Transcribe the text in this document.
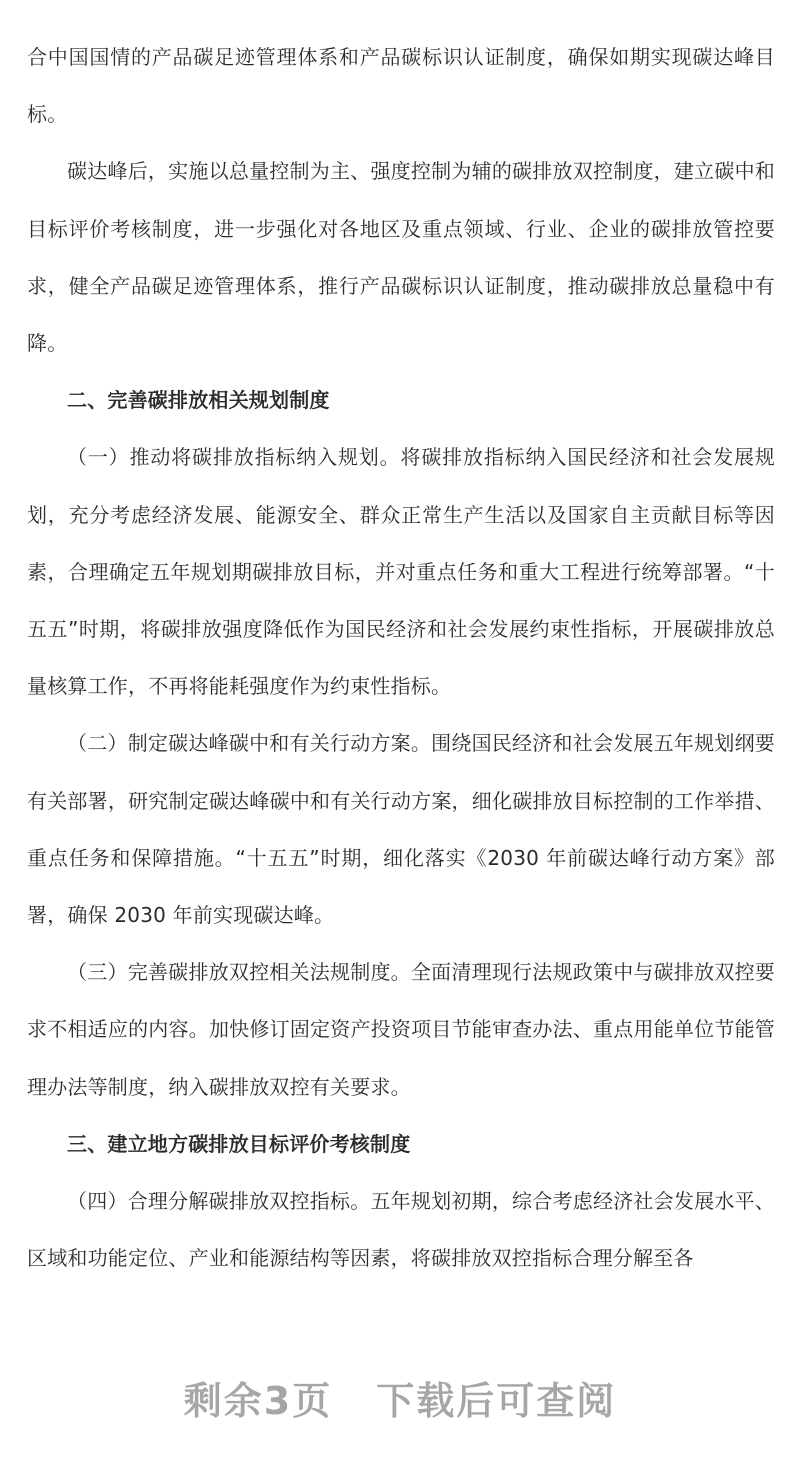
合中国国情的产品碳足迹管理体系和产品碳标识认证制度，确保如期实现碳达峰目标。

碳达峰后，实施以总量控制为主、强度控制为辅的碳排放双控制度，建立碳中和目标评价考核制度，进一步强化对各地区及重点领域、行业、企业的碳排放管控要求，健全产品碳足迹管理体系，推行产品碳标识认证制度，推动碳排放总量稳中有降。

二、完善碳排放相关规划制度

（一）推动将碳排放指标纳入规划。将碳排放指标纳入国民经济和社会发展规划，充分考虑经济发展、能源安全、群众正常生产生活以及国家自主贡献目标等因素，合理确定五年规划期碳排放目标，并对重点任务和重大工程进行统筹部署。“十五五”时期，将碳排放强度降低作为国民经济和社会发展约束性指标，开展碳排放总量核算工作，不再将能耗强度作为约束性指标。

（二）制定碳达峰碳中和有关行动方案。围绕国民经济和社会发展五年规划纲要有关部署，研究制定碳达峰碳中和有关行动方案，细化碳排放目标控制的工作举措、重点任务和保障措施。“十五五”时期，细化落实《2030 年前碳达峰行动方案》部署，确保 2030 年前实现碳达峰。

（三）完善碳排放双控相关法规制度。全面清理现行法规政策中与碳排放双控要求不相适应的内容。加快修订固定资产投资项目节能审查办法、重点用能单位节能管理办法等制度，纳入碳排放双控有关要求。

三、建立地方碳排放目标评价考核制度

（四）合理分解碳排放双控指标。五年规划初期，综合考虑经济社会发展水平、区域和功能定位、产业和能源结构等因素，将碳排放双控指标合理分解至各

剩余3页 下载后可查阅
